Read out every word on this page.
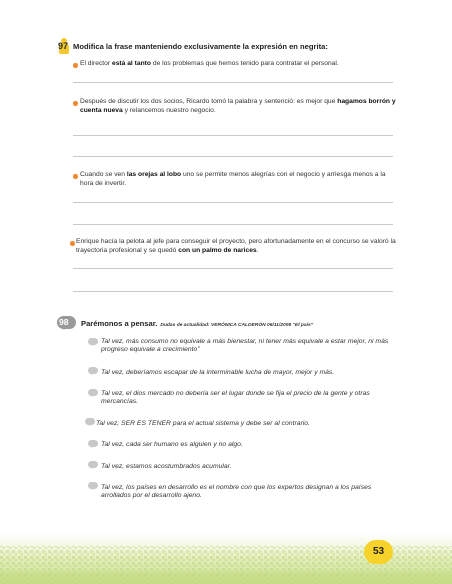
97 Modifica la frase manteniendo exclusivamente la expresión en negrita:
El director está al tanto de los problemas que hemos tenido para contratar el personal.
Después de discutir los dos socios, Ricardo tomó la palabra y sentenció: es mejor que hagamos borrón y cuenta nueva y relancemos nuestro negocio.
Cuando se ven las orejas al lobo uno se permite menos alegrías con el negocio y arriesga menos a la hora de invertir.
Enrique hacía la pelota al jefe para conseguir el proyecto, pero afortunadamente en el concurso se valoró la trayectoria profesional y se quedó con un palmo de narices.
98 Parémonos a pensar. Dudas de actualidad: VERÓNICA CALDERÓN 06/11/2009 “El país”
Tal vez, más consumo no equivale a más bienestar, ni tener más equivale a estar mejor, ni más progreso equivale a crecimiento”
Tal vez, deberíamos escapar de la interminable lucha de mayor, mejor y más.
Tal vez, el dios mercado no debería ser el lugar donde se fija el precio de la gente y otras mercancías.
Tal vez, SER ES TENER para el actual sistema y debe ser al contrario.
Tal vez, cada ser humano es alguien y no algo.
Tal vez, estamos acostumbrados acumular.
Tal vez, los países en desarrollo es el nombre con que los expertos designan a los países arrollados por el desarrollo ajeno.
53
